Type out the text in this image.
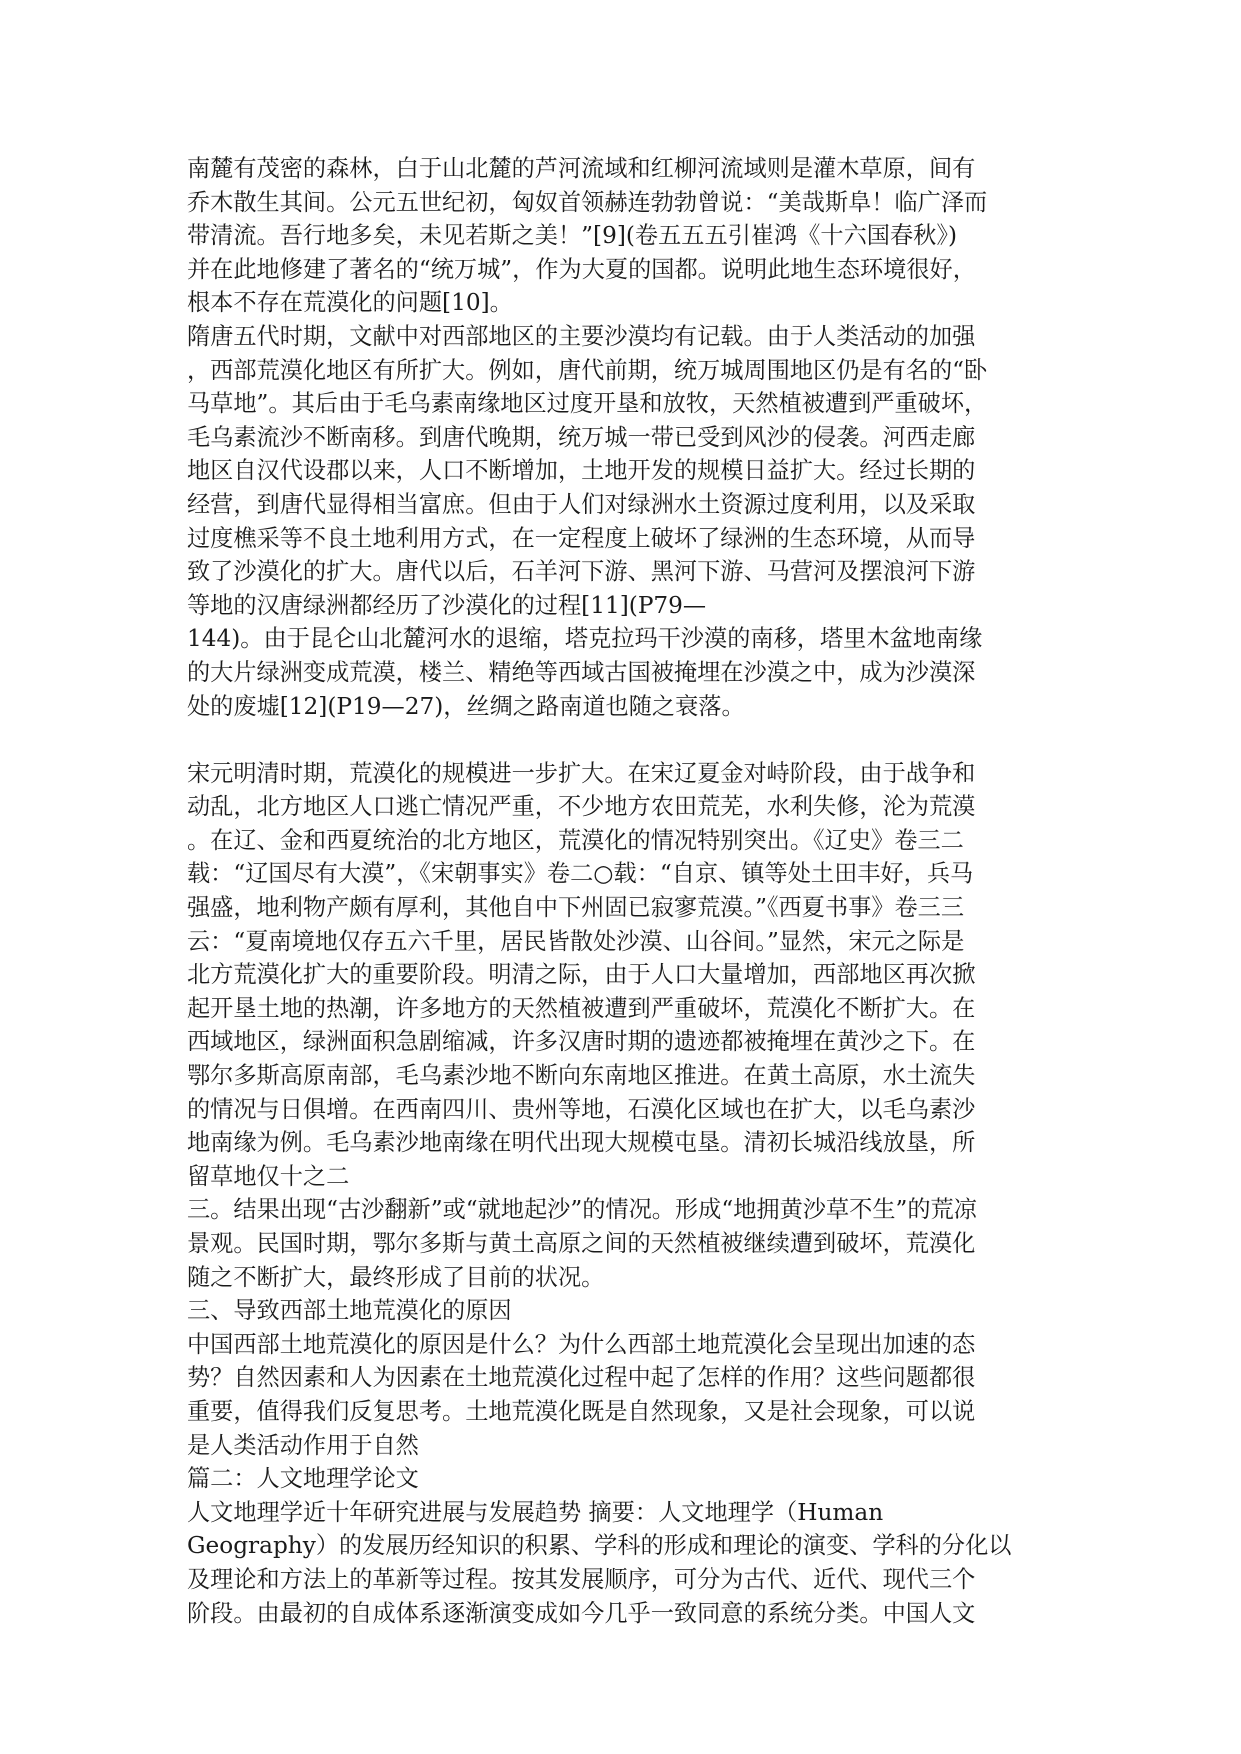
南麓有茂密的森林，白于山北麓的芦河流域和红柳河流域则是灌木草原，间有
乔木散生其间。公元五世纪初，匈奴首领赫连勃勃曾说：“美哉斯阜！临广泽而
带清流。吾行地多矣，未见若斯之美！”[9](卷五五五引崔鸿《十六国春秋》)
并在此地修建了著名的“统万城”，作为大夏的国都。说明此地生态环境很好，
根本不存在荒漠化的问题[10]。
隋唐五代时期，文献中对西部地区的主要沙漠均有记载。由于人类活动的加强
，西部荒漠化地区有所扩大。例如，唐代前期，统万城周围地区仍是有名的“卧
马草地”。其后由于毛乌素南缘地区过度开垦和放牧，天然植被遭到严重破坏，
毛乌素流沙不断南移。到唐代晚期，统万城一带已受到风沙的侵袭。河西走廊
地区自汉代设郡以来，人口不断增加，土地开发的规模日益扩大。经过长期的
经营，到唐代显得相当富庶。但由于人们对绿洲水土资源过度利用，以及采取
过度樵采等不良土地利用方式，在一定程度上破坏了绿洲的生态环境，从而导
致了沙漠化的扩大。唐代以后，石羊河下游、黑河下游、马营河及摆浪河下游
等地的汉唐绿洲都经历了沙漠化的过程[11](P79—
144)。由于昆仑山北麓河水的退缩，塔克拉玛干沙漠的南移，塔里木盆地南缘
的大片绿洲变成荒漠，楼兰、精绝等西域古国被掩埋在沙漠之中，成为沙漠深
处的废墟[12](P19—27)，丝绸之路南道也随之衰落。
宋元明清时期，荒漠化的规模进一步扩大。在宋辽夏金对峙阶段，由于战争和
动乱，北方地区人口逃亡情况严重，不少地方农田荒芜，水利失修，沦为荒漠
。在辽、金和西夏统治的北方地区，荒漠化的情况特别突出。《辽史》卷三二
载：“辽国尽有大漠”，《宋朝事实》卷二○载：“自京、镇等处土田丰好，兵马
强盛，地利物产颇有厚利，其他自中下州固已寂寥荒漠。”《西夏书事》卷三三
云：“夏南境地仅存五六千里，居民皆散处沙漠、山谷间。”显然，宋元之际是
北方荒漠化扩大的重要阶段。明清之际，由于人口大量增加，西部地区再次掀
起开垦土地的热潮，许多地方的天然植被遭到严重破坏，荒漠化不断扩大。在
西域地区，绿洲面积急剧缩减，许多汉唐时期的遗迹都被掩埋在黄沙之下。在
鄂尔多斯高原南部，毛乌素沙地不断向东南地区推进。在黄土高原，水土流失
的情况与日俱增。在西南四川、贵州等地，石漠化区域也在扩大，以毛乌素沙
地南缘为例。毛乌素沙地南缘在明代出现大规模屯垦。清初长城沿线放垦，所
留草地仅十之二
三。结果出现“古沙翻新”或“就地起沙”的情况。形成“地拥黄沙草不生”的荒凉
景观。民国时期，鄂尔多斯与黄土高原之间的天然植被继续遭到破坏，荒漠化
随之不断扩大，最终形成了目前的状况。
三、导致西部土地荒漠化的原因
中国西部土地荒漠化的原因是什么？为什么西部土地荒漠化会呈现出加速的态
势？自然因素和人为因素在土地荒漠化过程中起了怎样的作用？这些问题都很
重要，值得我们反复思考。土地荒漠化既是自然现象，又是社会现象，可以说
是人类活动作用于自然
篇二：人文地理学论文
人文地理学近十年研究进展与发展趋势 摘要：人文地理学（Human
Geography）的发展历经知识的积累、学科的形成和理论的演变、学科的分化以
及理论和方法上的革新等过程。按其发展顺序，可分为古代、近代、现代三个
阶段。由最初的自成体系逐渐演变成如今几乎一致同意的系统分类。中国人文
